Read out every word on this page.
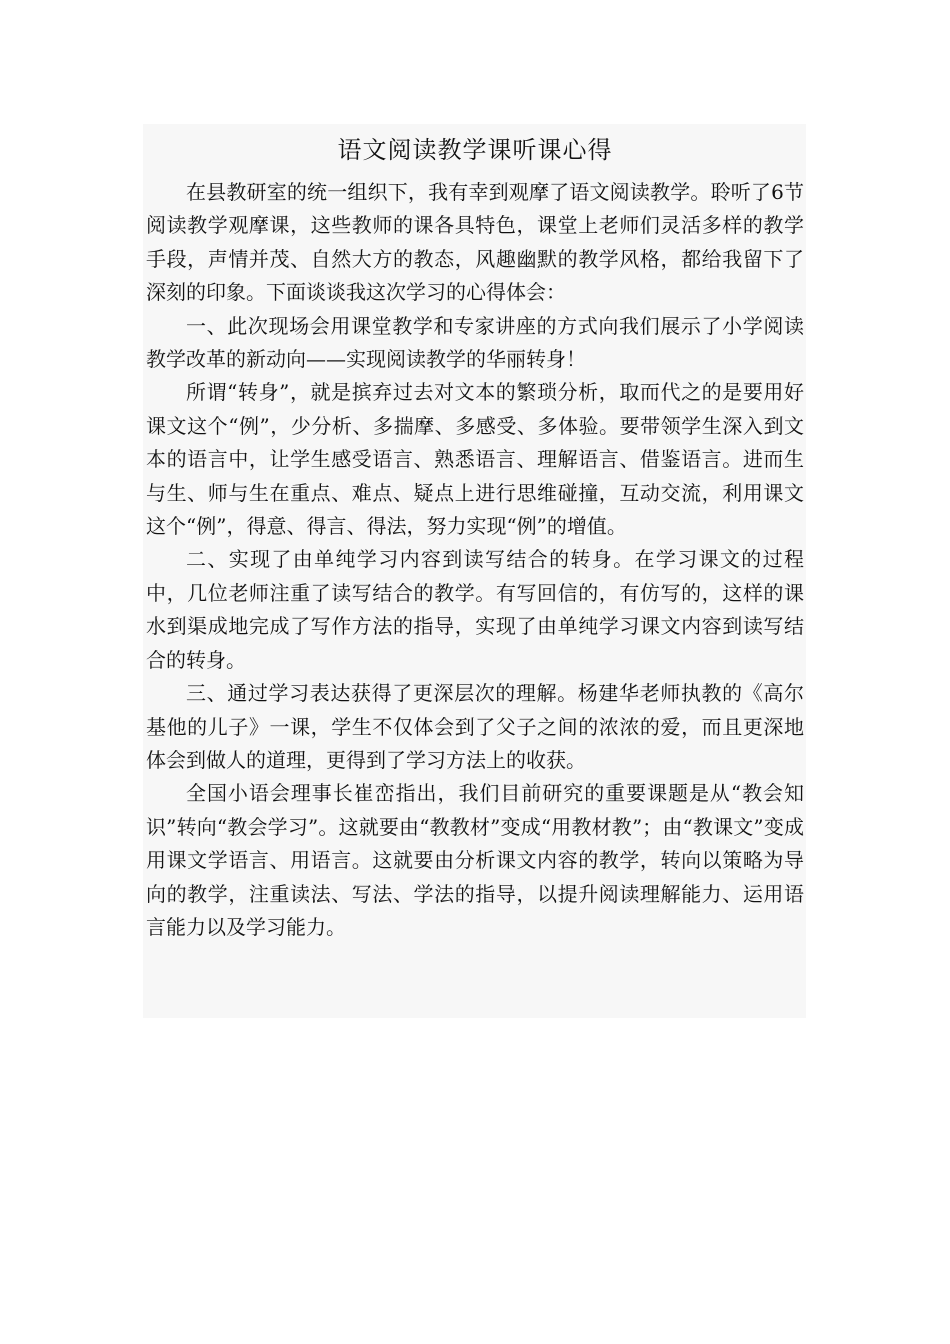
语文阅读教学课听课心得

在县教研室的统一组织下，我有幸到观摩了语文阅读教学。聆听了6节阅读教学观摩课，这些教师的课各具特色，课堂上老师们灵活多样的教学手段，声情并茂、自然大方的教态，风趣幽默的教学风格，都给我留下了深刻的印象。下面谈谈我这次学习的心得体会：

一、此次现场会用课堂教学和专家讲座的方式向我们展示了小学阅读教学改革的新动向——实现阅读教学的华丽转身！

所谓“转身”，就是摈弃过去对文本的繁琐分析，取而代之的是要用好课文这个“例”，少分析、多揣摩、多感受、多体验。要带领学生深入到文本的语言中，让学生感受语言、熟悉语言、理解语言、借鉴语言。进而生与生、师与生在重点、难点、疑点上进行思维碰撞，互动交流，利用课文这个“例”，得意、得言、得法，努力实现“例”的增值。

二、实现了由单纯学习内容到读写结合的转身。在学习课文的过程中，几位老师注重了读写结合的教学。有写回信的，有仿写的，这样的课水到渠成地完成了写作方法的指导，实现了由单纯学习课文内容到读写结合的转身。

三、通过学习表达获得了更深层次的理解。杨建华老师执教的《高尔基他的儿子》一课，学生不仅体会到了父子之间的浓浓的爱，而且更深地体会到做人的道理，更得到了学习方法上的收获。

全国小语会理事长崔峦指出，我们目前研究的重要课题是从“教会知识”转向“教会学习”。这就要由“教教材”变成“用教材教”；由“教课文”变成用课文学语言、用语言。这就要由分析课文内容的教学，转向以策略为导向的教学，注重读法、写法、学法的指导，以提升阅读理解能力、运用语言能力以及学习能力。
